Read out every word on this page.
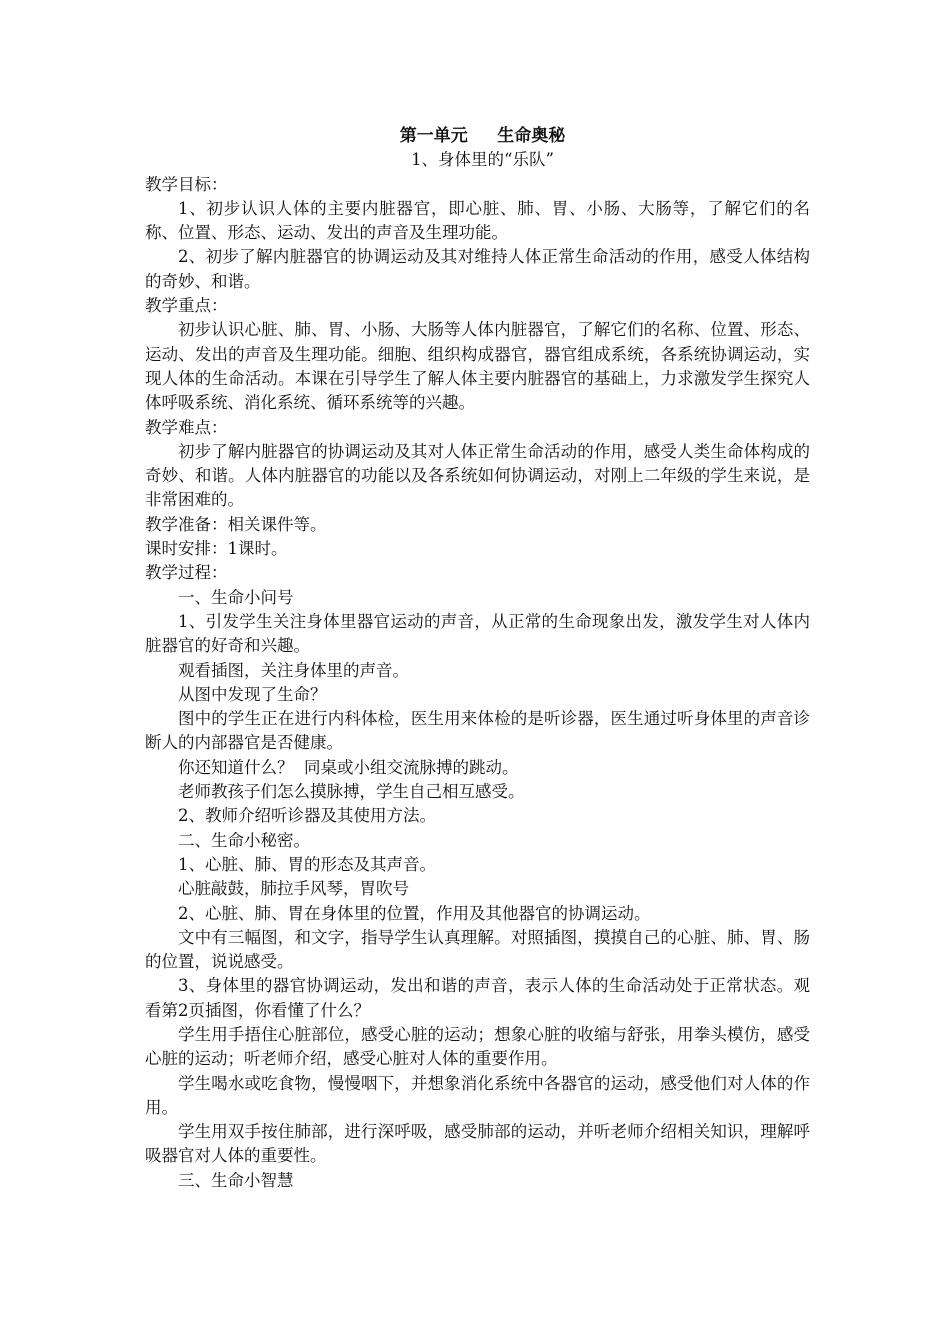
第一单元     生命奥秘
1、身体里的“乐队”

教学目标：

1、初步认识人体的主要内脏器官，即心脏、肺、胃、小肠、大肠等，了解它们的名称、位置、形态、运动、发出的声音及生理功能。

2、初步了解内脏器官的协调运动及其对维持人体正常生命活动的作用，感受人体结构的奇妙、和谐。

教学重点：

初步认识心脏、肺、胃、小肠、大肠等人体内脏器官，了解它们的名称、位置、形态、运动、发出的声音及生理功能。细胞、组织构成器官，器官组成系统，各系统协调运动，实现人体的生命活动。本课在引导学生了解人体主要内脏器官的基础上，力求激发学生探究人体呼吸系统、消化系统、循环系统等的兴趣。

教学难点：

初步了解内脏器官的协调运动及其对人体正常生命活动的作用，感受人类生命体构成的奇妙、和谐。人体内脏器官的功能以及各系统如何协调运动，对刚上二年级的学生来说，是非常困难的。

教学准备：相关课件等。

课时安排：1课时。

教学过程：

一、生命小问号

1、引发学生关注身体里器官运动的声音，从正常的生命现象出发，激发学生对人体内脏器官的好奇和兴趣。

观看插图，关注身体里的声音。

从图中发现了生命？

图中的学生正在进行内科体检，医生用来体检的是听诊器，医生通过听身体里的声音诊断人的内部器官是否健康。

你还知道什么？  同桌或小组交流脉搏的跳动。

老师教孩子们怎么摸脉搏，学生自己相互感受。

2、教师介绍听诊器及其使用方法。

二、生命小秘密。

1、心脏、肺、胃的形态及其声音。

心脏敲鼓，肺拉手风琴，胃吹号

2、心脏、肺、胃在身体里的位置，作用及其他器官的协调运动。

文中有三幅图，和文字，指导学生认真理解。对照插图，摸摸自己的心脏、肺、胃、肠的位置，说说感受。

3、身体里的器官协调运动，发出和谐的声音，表示人体的生命活动处于正常状态。观看第2页插图，你看懂了什么？

学生用手捂住心脏部位，感受心脏的运动；想象心脏的收缩与舒张，用拳头模仿，感受心脏的运动；听老师介绍，感受心脏对人体的重要作用。

学生喝水或吃食物，慢慢咽下，并想象消化系统中各器官的运动，感受他们对人体的作用。

学生用双手按住肺部，进行深呼吸，感受肺部的运动，并听老师介绍相关知识，理解呼吸器官对人体的重要性。

三、生命小智慧
